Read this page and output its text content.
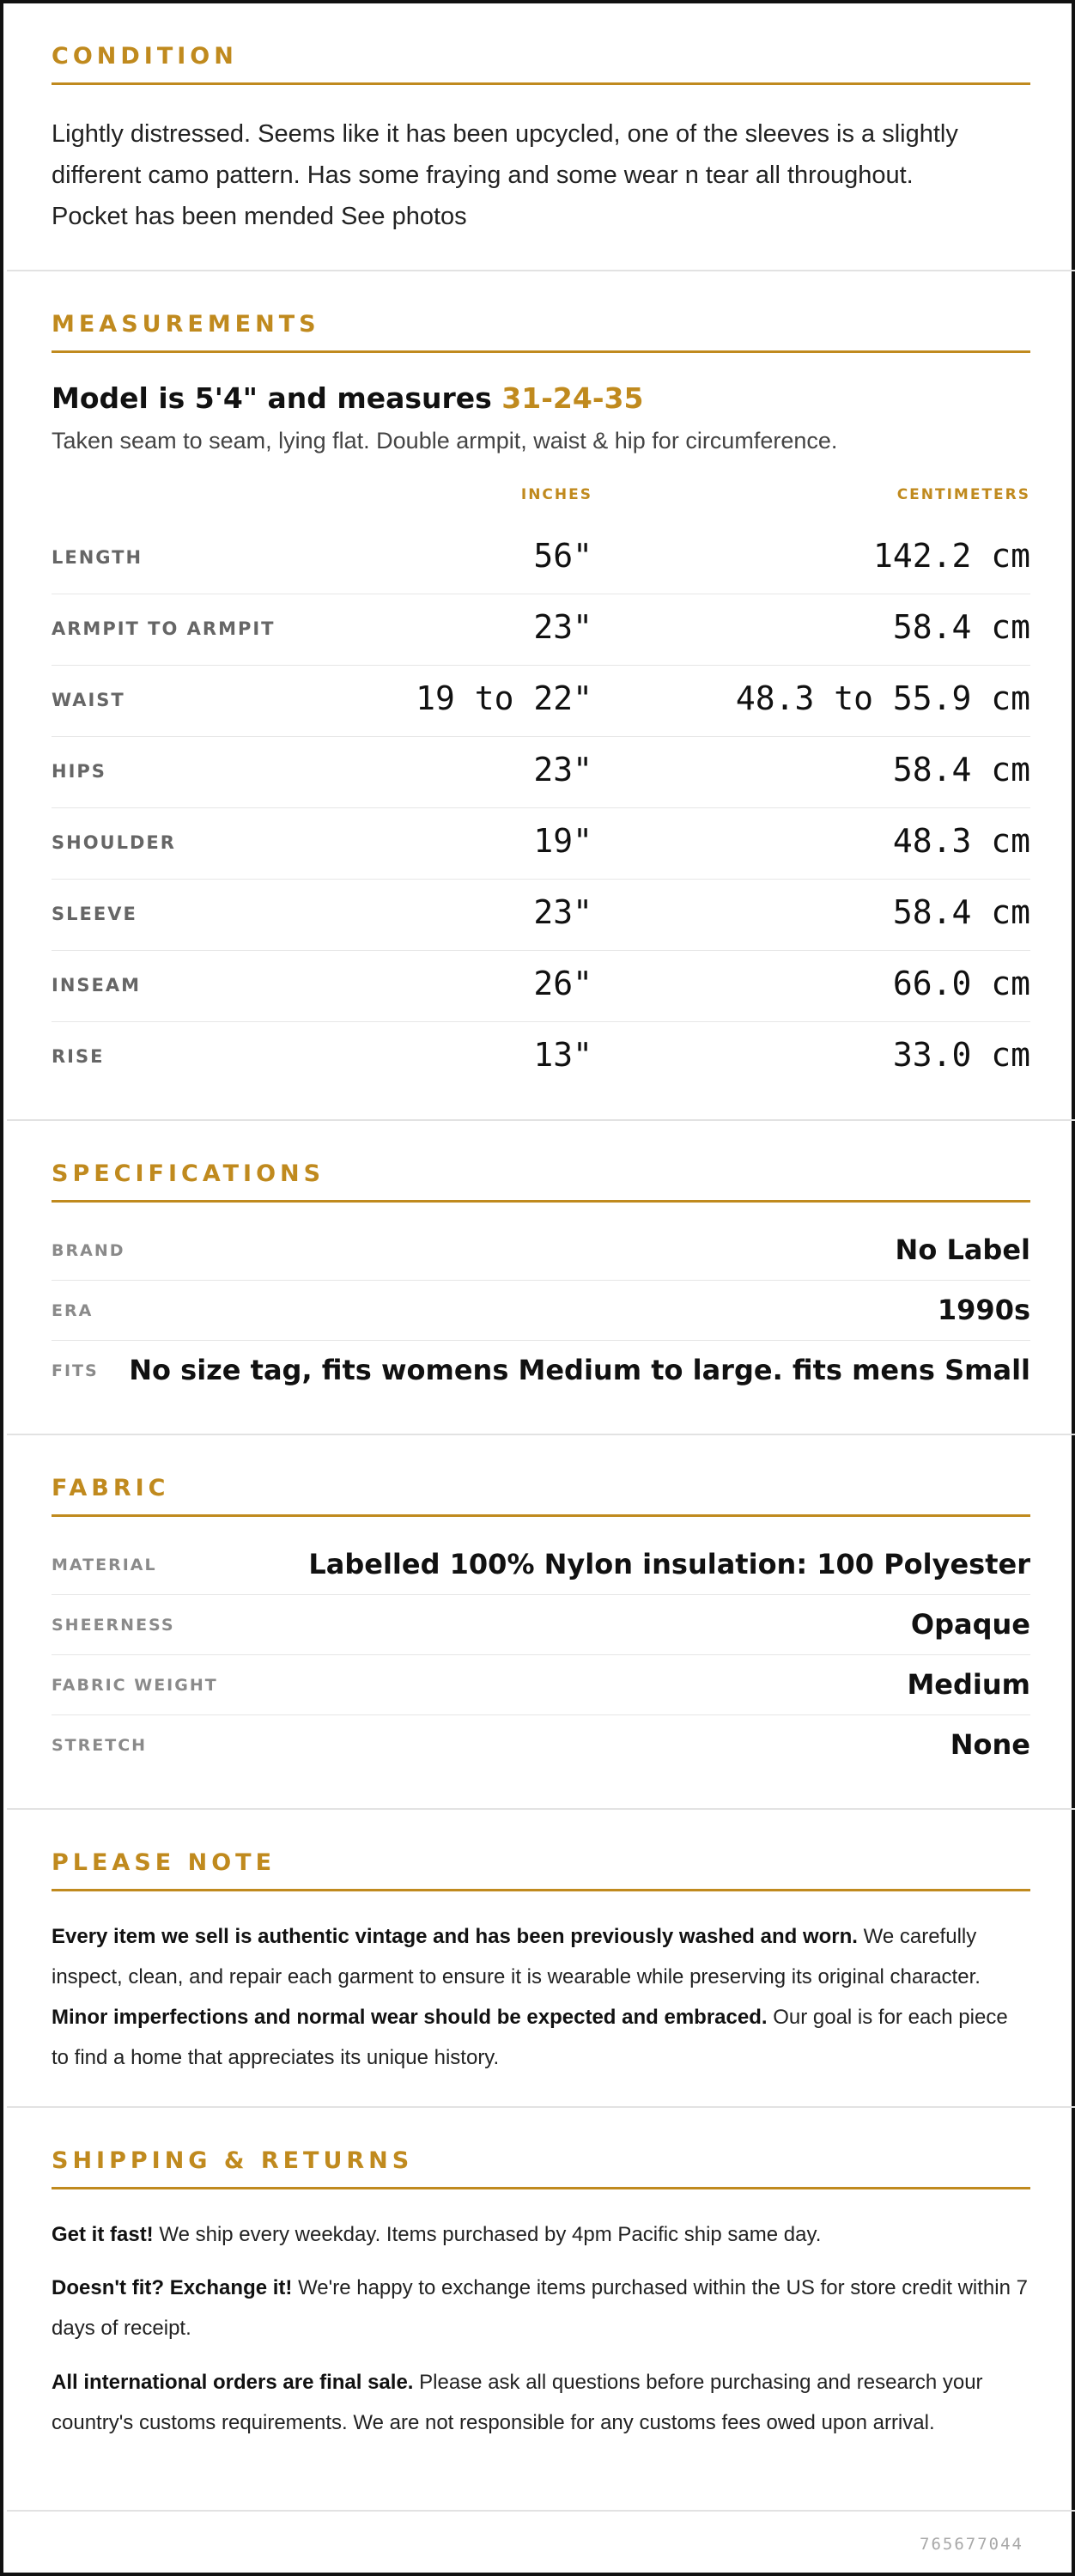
CONDITION
Lightly distressed. Seems like it has been upcycled, one of the sleeves is a slightly
different camo pattern. Has some fraying and some wear n tear all throughout.
Pocket has been mended See photos
MEASUREMENTS
Model is 5'4" and measures 31-24-35
Taken seam to seam, lying flat. Double armpit, waist & hip for circumference.
INCHES	CENTIMETERS
LENGTH	56"	142.2 cm
ARMPIT TO ARMPIT	23"	58.4 cm
WAIST	19 to 22"	48.3 to 55.9 cm
HIPS	23"	58.4 cm
SHOULDER	19"	48.3 cm
SLEEVE	23"	58.4 cm
INSEAM	26"	66.0 cm
RISE	13"	33.0 cm
SPECIFICATIONS
BRAND	No Label
ERA	1990s
FITS No size tag, fits womens Medium to large. fits mens Small
FABRIC
MATERIAL	Labelled 100% Nylon insulation: 100 Polyester
SHEERNESS	Opaque
FABRIC WEIGHT	Medium
STRETCH	None
PLEASE NOTE
Every item we sell is authentic vintage and has been previously washed and worn. We carefully inspect, clean, and repair each garment to ensure it is wearable while preserving its original character. Minor imperfections and normal wear should be expected and embraced. Our goal is for each piece to find a home that appreciates its unique history.
SHIPPING & RETURNS
Get it fast! We ship every weekday. Items purchased by 4pm Pacific ship same day.
Doesn't fit? Exchange it! We're happy to exchange items purchased within the US for store credit within 7 days of receipt.
All international orders are final sale. Please ask all questions before purchasing and research your country's customs requirements. We are not responsible for any customs fees owed upon arrival.
765677044
